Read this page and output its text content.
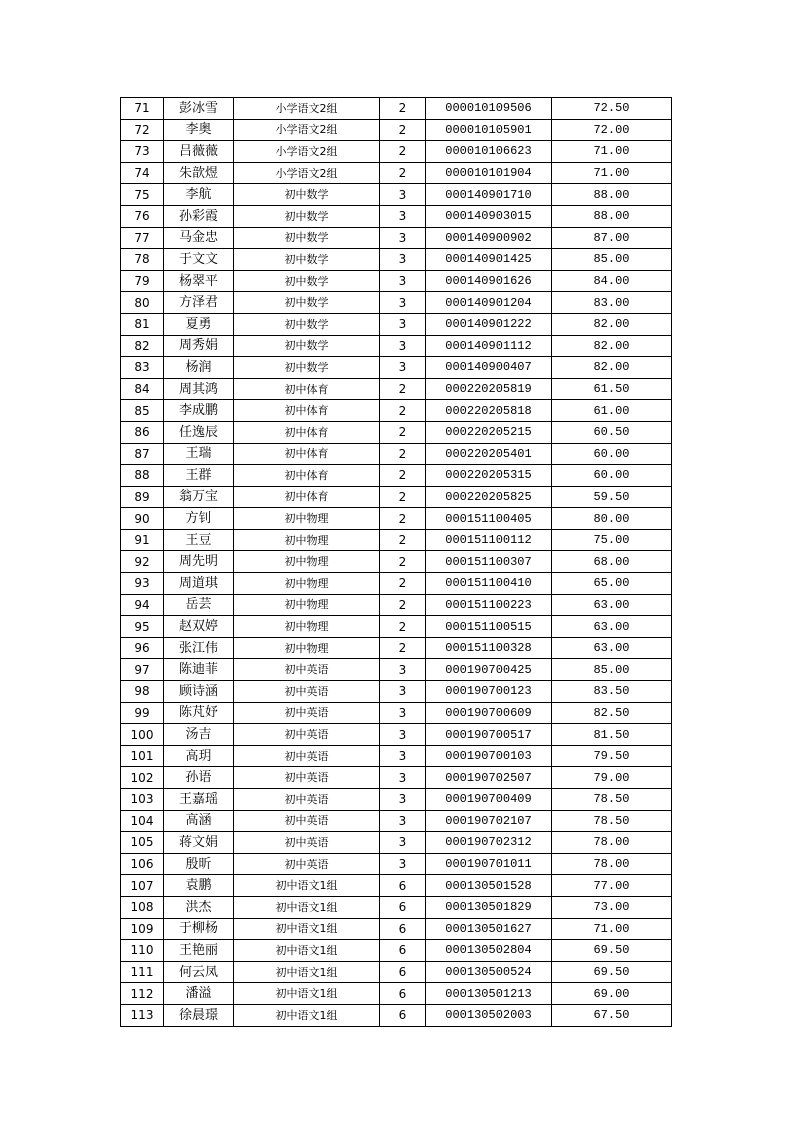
71	彭冰雪	小学语文2组	2	000010109506	72.50
72	李奥	小学语文2组	2	000010105901	72.00
73	吕薇薇	小学语文2组	2	000010106623	71.00
74	朱歆煜	小学语文2组	2	000010101904	71.00
75	李航	初中数学	3	000140901710	88.00
76	孙彩霞	初中数学	3	000140903015	88.00
77	马金忠	初中数学	3	000140900902	87.00
78	于文文	初中数学	3	000140901425	85.00
79	杨翠平	初中数学	3	000140901626	84.00
80	方泽君	初中数学	3	000140901204	83.00
81	夏勇	初中数学	3	000140901222	82.00
82	周秀娟	初中数学	3	000140901112	82.00
83	杨润	初中数学	3	000140900407	82.00
84	周其鸿	初中体育	2	000220205819	61.50
85	李成鹏	初中体育	2	000220205818	61.00
86	任逸辰	初中体育	2	000220205215	60.50
87	王瑞	初中体育	2	000220205401	60.00
88	王群	初中体育	2	000220205315	60.00
89	翁万宝	初中体育	2	000220205825	59.50
90	方钊	初中物理	2	000151100405	80.00
91	王豆	初中物理	2	000151100112	75.00
92	周先明	初中物理	2	000151100307	68.00
93	周道琪	初中物理	2	000151100410	65.00
94	岳芸	初中物理	2	000151100223	63.00
95	赵双婷	初中物理	2	000151100515	63.00
96	张江伟	初中物理	2	000151100328	63.00
97	陈迪菲	初中英语	3	000190700425	85.00
98	顾诗涵	初中英语	3	000190700123	83.50
99	陈芃妤	初中英语	3	000190700609	82.50
100	汤吉	初中英语	3	000190700517	81.50
101	高玥	初中英语	3	000190700103	79.50
102	孙语	初中英语	3	000190702507	79.00
103	王嘉瑶	初中英语	3	000190700409	78.50
104	高涵	初中英语	3	000190702107	78.50
105	蒋文娟	初中英语	3	000190702312	78.00
106	殷昕	初中英语	3	000190701011	78.00
107	袁鹏	初中语文1组	6	000130501528	77.00
108	洪杰	初中语文1组	6	000130501829	73.00
109	于柳杨	初中语文1组	6	000130501627	71.00
110	王艳丽	初中语文1组	6	000130502804	69.50
111	何云凤	初中语文1组	6	000130500524	69.50
112	潘溢	初中语文1组	6	000130501213	69.00
113	徐晨璟	初中语文1组	6	000130502003	67.50
